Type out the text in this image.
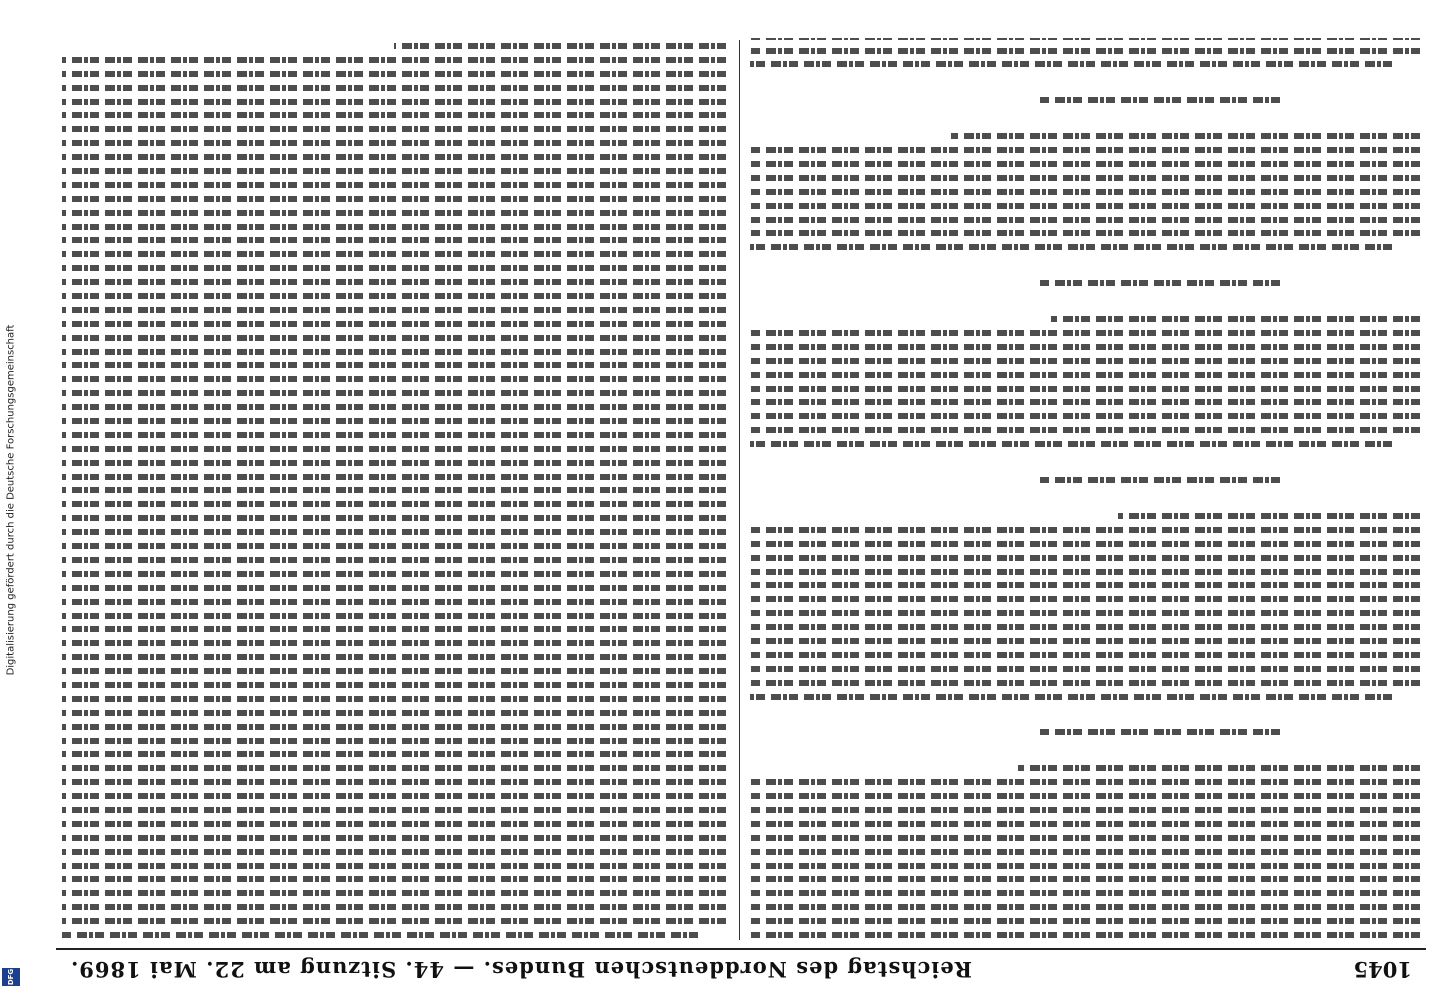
1045
Reichstag des Norddeutschen Bundes. — 44. Sitzung am 22. Mai 1869.
Digitalisierung gefördert durch die Deutsche Forschungsgemeinschaft
DFG
